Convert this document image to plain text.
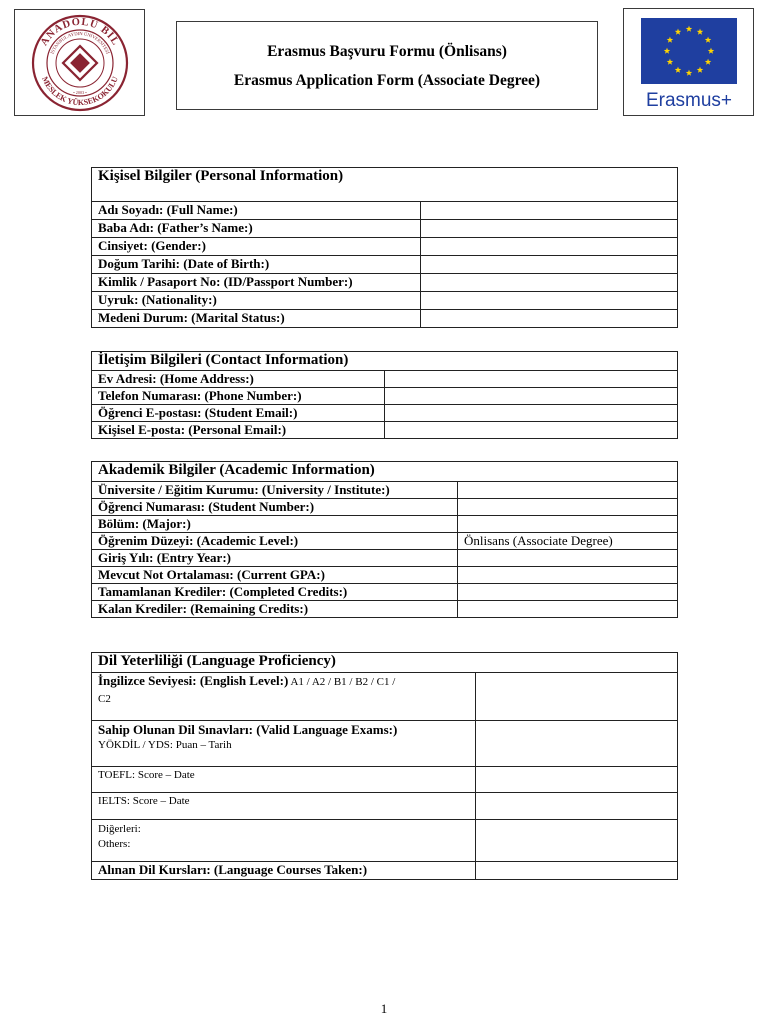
ANADOLU BİL
İSTANBUL AYDIN ÜNİVERSİTESİ
MESLEK YÜKSEKOKULU
• 2003 •
Erasmus Başvuru Formu (Önlisans)
Erasmus Application Form (Associate Degree)
Erasmus+
Kişisel Bilgiler (Personal Information)	
Adı Soyadı: (Full Name:)	
Baba Adı: (Father’s Name:)	
Cinsiyet: (Gender:)	
Doğum Tarihi: (Date of Birth:)	
Kimlik / Pasaport No: (ID/Passport Number:)	
Uyruk: (Nationality:)	
Medeni Durum: (Marital Status:)	
İletişim Bilgileri (Contact Information)	
Ev Adresi: (Home Address:)	
Telefon Numarası: (Phone Number:)	
Öğrenci E-postası: (Student Email:)	
Kişisel E-posta: (Personal Email:)	
Akademik Bilgiler (Academic Information)	
Üniversite / Eğitim Kurumu: (University / Institute:)	
Öğrenci Numarası: (Student Number:)	
Bölüm: (Major:)	
Öğrenim Düzeyi: (Academic Level:)	Önlisans (Associate Degree)
Giriş Yılı: (Entry Year:)	
Mevcut Not Ortalaması: (Current GPA:)	
Tamamlanan Krediler: (Completed Credits:)	
Kalan Krediler: (Remaining Credits:)	
Dil Yeterliliği (Language Proficiency)	
İngilizce Seviyesi: (English Level:) A1 / A2 / B1 / B2 / C1 /
C2	

Sahip Olunan Dil Sınavları: (Valid Language Exams:)
YÖKDİL / YDS: Puan – Tarih	

TOEFL: Score – Date	

IELTS: Score – Date	

Diğerleri:
Others:	

Alınan Dil Kursları: (Language Courses Taken:)	
1
